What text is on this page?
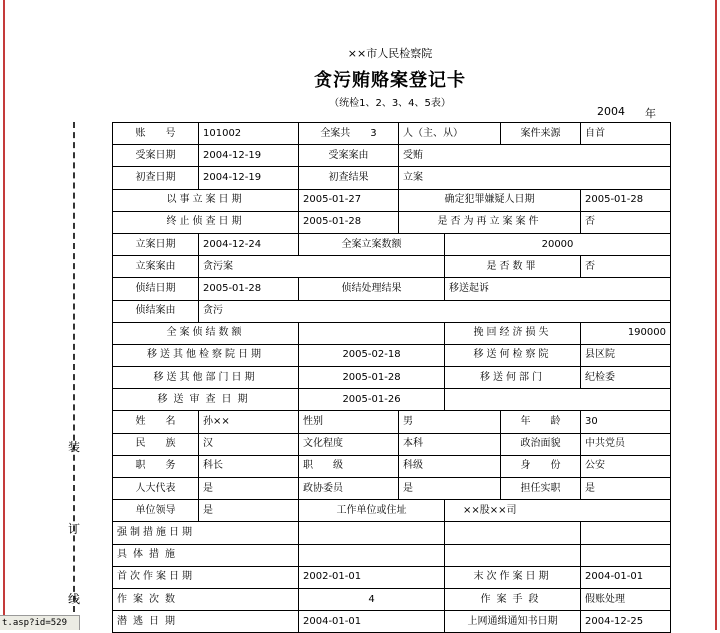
装
订
线
××市人民检察院
贪污贿赂案登记卡
（统检1、2、3、4、5表）
2004 年
账　　号	101002	全案共　　3	人（主、从）		案件来源	自首
受案日期	2004-12-19	受案案由	受贿			
初查日期	2004-12-19	初查结果	立案			
以事立案日期		2005-01-27	确定犯罪嫌疑人日期			2005-01-28
终止侦查日期		2005-01-28	是否为再立案案件			否
立案日期	2004-12-24	全案立案数额		20000		
立案案由	贪污案			是否数罪		否
侦结日期	2005-01-28	侦结处理结果		移送起诉		
侦结案由	贪污					
全案侦结数额				挽回经济损失		190000
移送其他检察院日期		2005-02-18		移送何检察院		县区院
移送其他部门日期		2005-01-28		移送何部门		纪检委
移送审查日期		2005-01-26				
姓　　名	孙××	性别	男		年　　龄	30
民　　族	汉	文化程度	本科		政治面貌	中共党员
职　　务	科长	职　　级	科级		身　　份	公安
人大代表	是	政协委员	是		担任实职	是
单位领导	是	工作单位或住址		××股××司		
强制措施日期						
具体措施						
首次作案日期		2002-01-01		末次作案日期		2004-01-01
作案次数		4		作案手段		假账处理
潜逃日期		2004-01-01		上网通缉通知书日期		2004-12-25
t.asp?id=529
